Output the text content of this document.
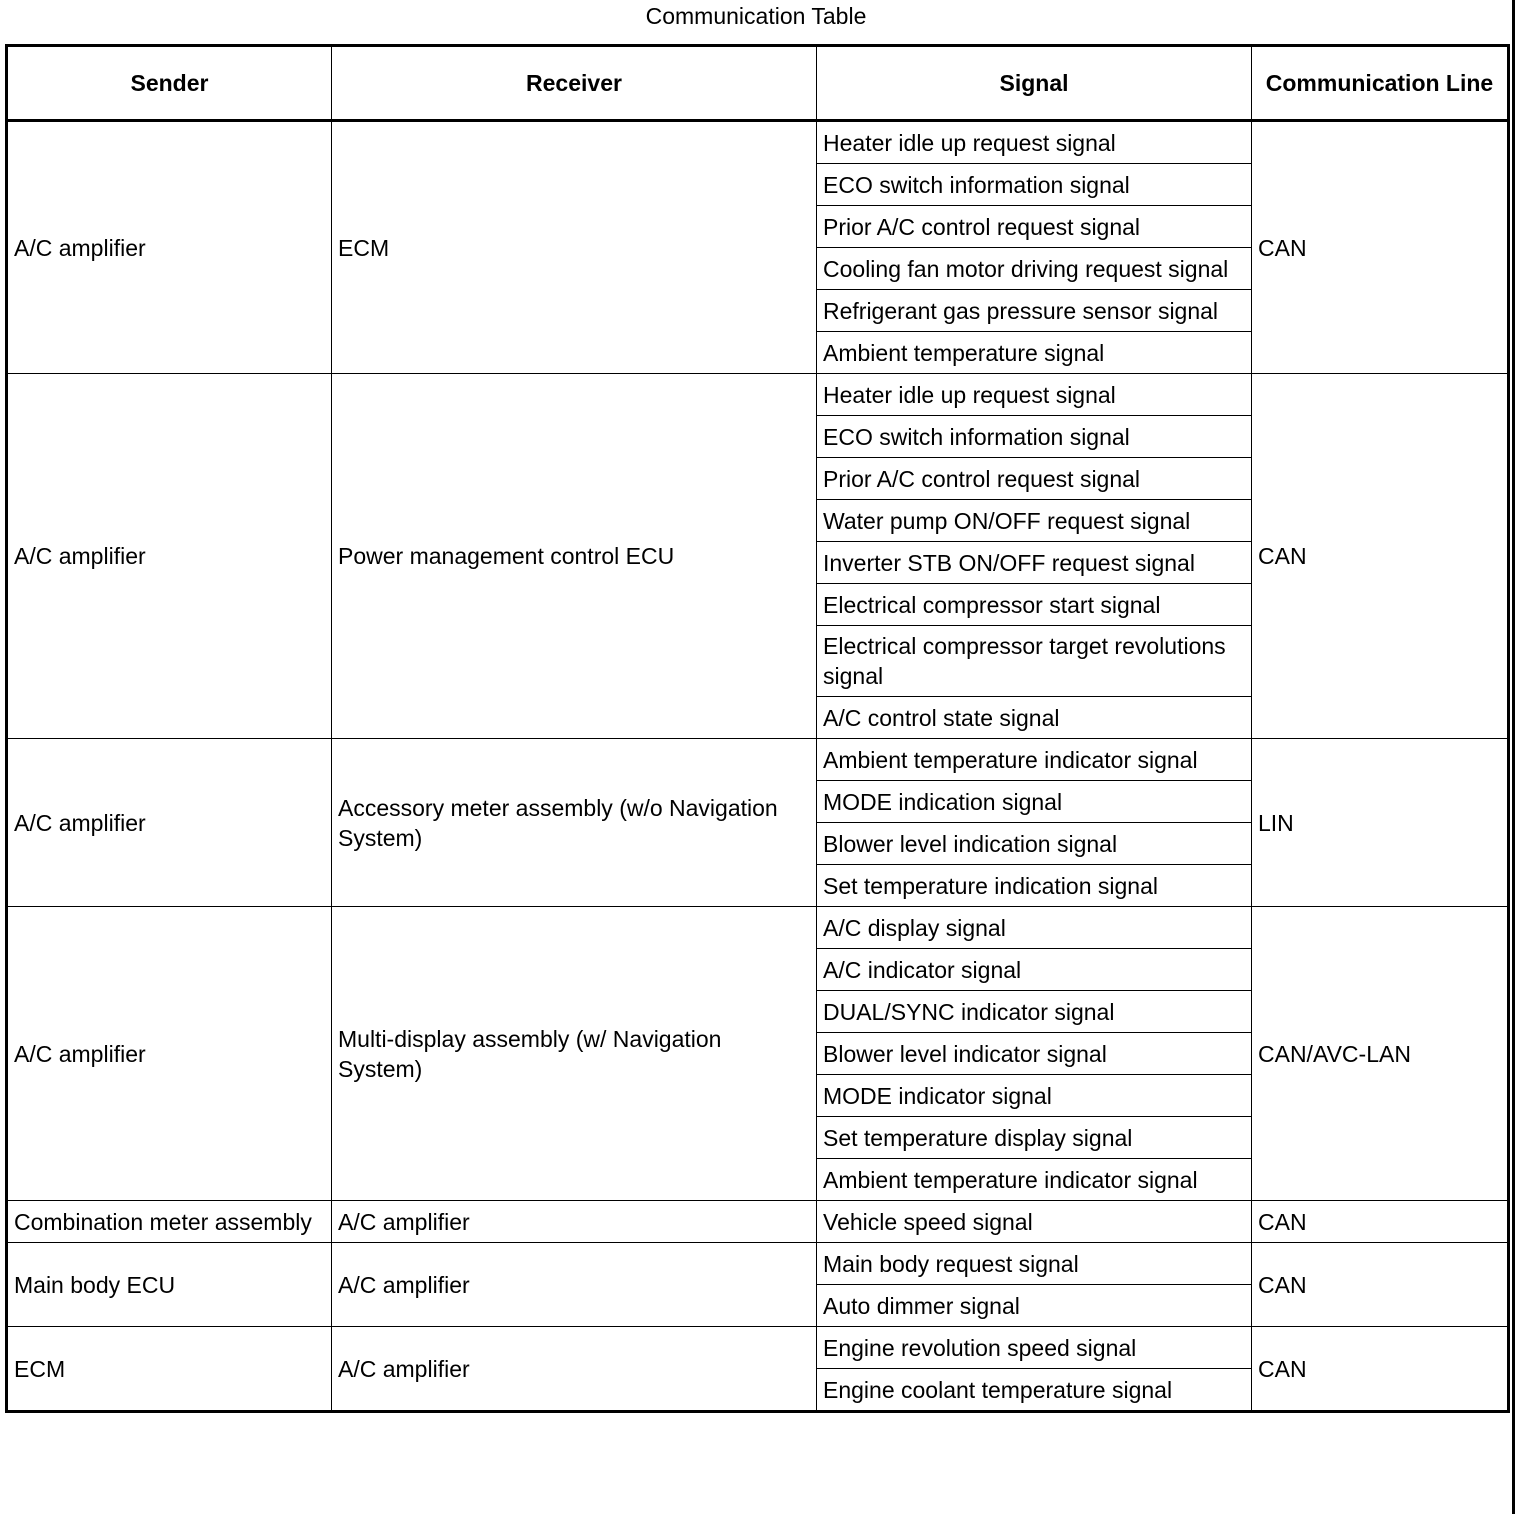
Communication Table
Sender	Receiver	Signal	Communication Line
A/C amplifier	ECM	Heater idle up request signal	CAN
		ECO switch information signal	
		Prior A/C control request signal	
		Cooling fan motor driving request signal	
		Refrigerant gas pressure sensor signal	
		Ambient temperature signal	
A/C amplifier	Power management control ECU	Heater idle up request signal	CAN
		ECO switch information signal	
		Prior A/C control request signal	
		Water pump ON/OFF request signal	
		Inverter STB ON/OFF request signal	
		Electrical compressor start signal	
		Electrical compressor target revolutions signal	
		A/C control state signal	
A/C amplifier	Accessory meter assembly (w/o Navigation System)	Ambient temperature indicator signal	LIN
		MODE indication signal	
		Blower level indication signal	
		Set temperature indication signal	
A/C amplifier	Multi-display assembly (w/ Navigation System)	A/C display signal	CAN/AVC-LAN
		A/C indicator signal	
		DUAL/SYNC indicator signal	
		Blower level indicator signal	
		MODE indicator signal	
		Set temperature display signal	
		Ambient temperature indicator signal	
Combination meter assembly	A/C amplifier	Vehicle speed signal	CAN
Main body ECU	A/C amplifier	Main body request signal	CAN
		Auto dimmer signal	
ECM	A/C amplifier	Engine revolution speed signal	CAN
		Engine coolant temperature signal	
